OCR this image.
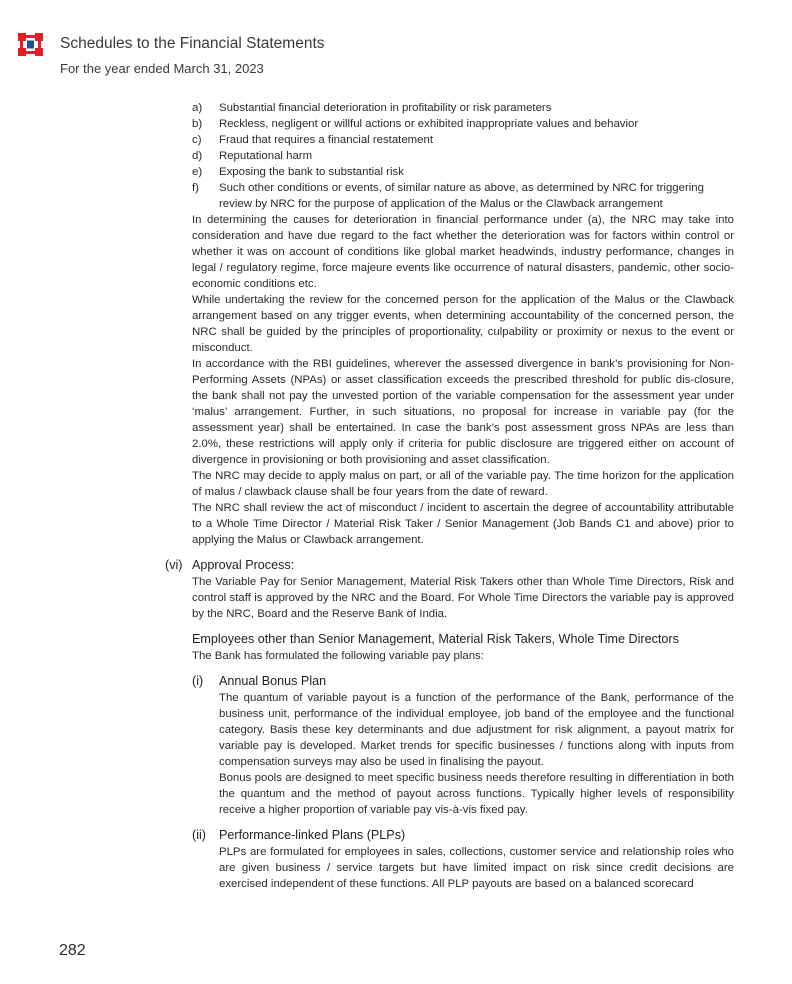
Schedules to the Financial Statements
For the year ended March 31, 2023
a)	Substantial financial deterioration in profitability or risk parameters
b)	Reckless, negligent or willful actions or exhibited inappropriate values and behavior
c)	Fraud that requires a financial restatement
d)	Reputational harm
e)	Exposing the bank to substantial risk
f)	Such other conditions or events, of similar nature as above, as determined by NRC for triggering review by NRC for the purpose of application of the Malus or the Clawback arrangement

In determining the causes for deterioration in financial performance under (a), the NRC may take into consideration and have due regard to the fact whether the deterioration was for factors within control or whether it was on account of conditions like global market headwinds, industry performance, changes in legal / regulatory regime, force majeure events like occurrence of natural disasters, pandemic, other socio-economic conditions etc.

While undertaking the review for the concerned person for the application of the Malus or the Clawback arrangement based on any trigger events, when determining accountability of the concerned person, the NRC shall be guided by the principles of proportionality, culpability or proximity or nexus to the event or misconduct.

In accordance with the RBI guidelines, wherever the assessed divergence in bank’s provisioning for Non-Performing Assets (NPAs) or asset classification exceeds the prescribed threshold for public dis-closure, the bank shall not pay the unvested portion of the variable compensation for the assessment year under ‘malus’ arrangement. Further, in such situations, no proposal for increase in variable pay (for the assessment year) shall be entertained. In case the bank’s post assessment gross NPAs are less than 2.0%, these restrictions will apply only if criteria for public disclosure are triggered either on account of divergence in provisioning or both provisioning and asset classification.

The NRC may decide to apply malus on part, or all of the variable pay. The time horizon for the application of malus / clawback clause shall be four years from the date of reward.

The NRC shall review the act of misconduct / incident to ascertain the degree of accountability attributable to a Whole Time Director / Material Risk Taker / Senior Management (Job Bands C1 and above) prior to applying the Malus or Clawback arrangement.

(vi) Approval Process:

The Variable Pay for Senior Management, Material Risk Takers other than Whole Time Directors, Risk and control staff is approved by the NRC and the Board. For Whole Time Directors the variable pay is approved by the NRC, Board and the Reserve Bank of India.

Employees other than Senior Management, Material Risk Takers, Whole Time Directors

The Bank has formulated the following variable pay plans:

(i)	Annual Bonus Plan

The quantum of variable payout is a function of the performance of the Bank, performance of the business unit, performance of the individual employee, job band of the employee and the functional category. Basis these key determinants and due adjustment for risk alignment, a payout matrix for variable pay is developed. Market trends for specific businesses / functions along with inputs from compensation surveys may also be used in finalising the payout.

Bonus pools are designed to meet specific business needs therefore resulting in differentiation in both the quantum and the method of payout across functions. Typically higher levels of responsibility receive a higher proportion of variable pay vis-à-vis fixed pay.

(ii)	Performance-linked Plans (PLPs)

PLPs are formulated for employees in sales, collections, customer service and relationship roles who are given business / service targets but have limited impact on risk since credit decisions are exercised independent of these functions. All PLP payouts are based on a balanced scorecard

282
